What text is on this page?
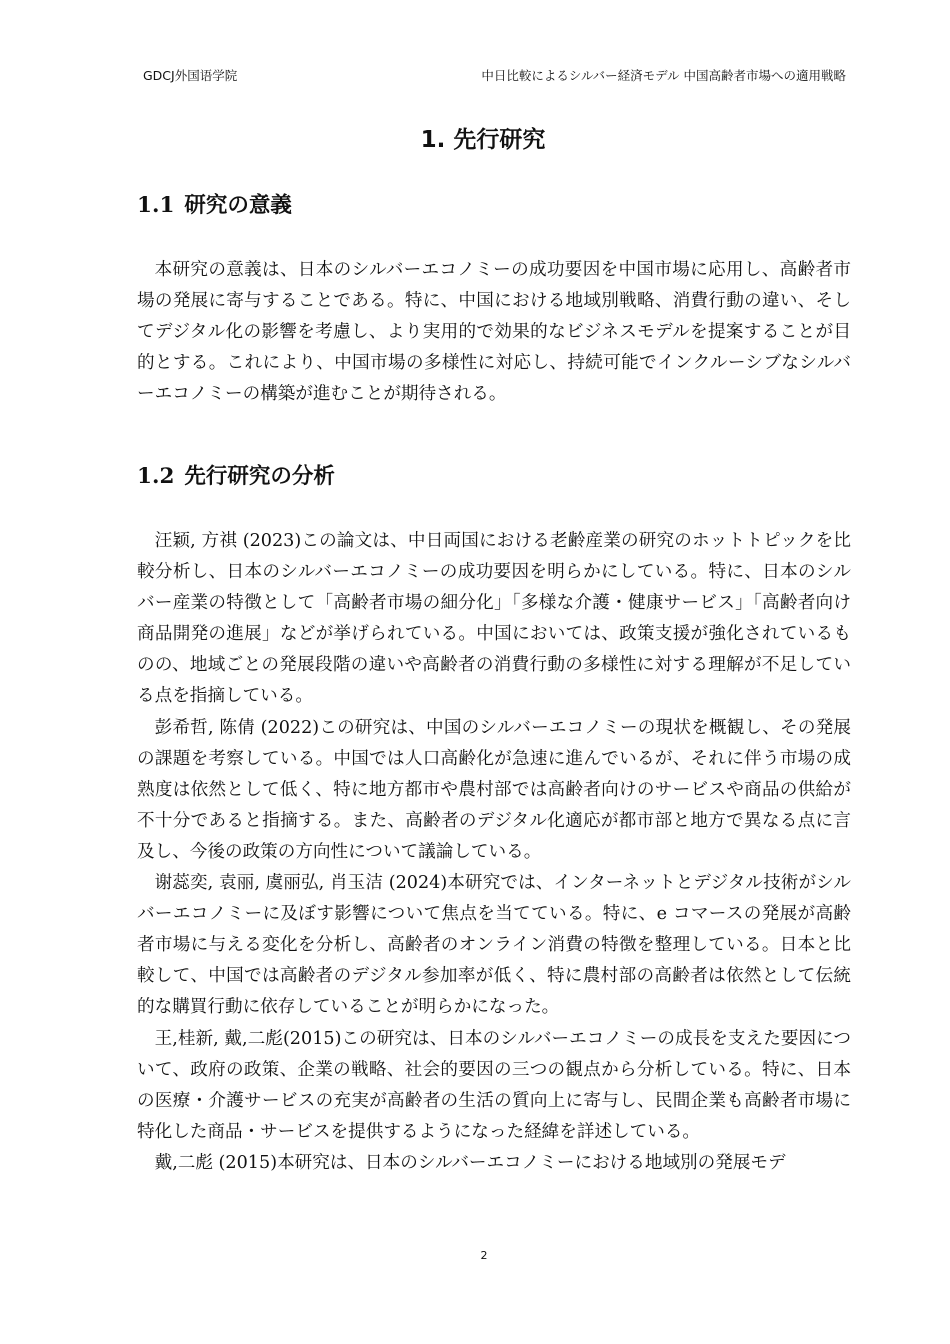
GDCJ外国语学院	中日比較によるシルバー経済モデル 中国高齢者市場への適用戦略
1. 先行研究
1.1 研究の意義

本研究の意義は、日本のシルバーエコノミーの成功要因を中国市場に応用し、高齢者市場の発展に寄与することである。特に、中国における地域別戦略、消費行動の違い、そしてデジタル化の影響を考慮し、より実用的で効果的なビジネスモデルを提案することが目的とする。これにより、中国市場の多様性に対応し、持続可能でインクルーシブなシルバーエコノミーの構築が進むことが期待される。

1.2 先行研究の分析

汪颖, 方祺 (2023)この論文は、中日両国における老齢産業の研究のホットトピックを比較分析し、日本のシルバーエコノミーの成功要因を明らかにしている。特に、日本のシルバー産業の特徴として「高齢者市場の細分化」「多様な介護・健康サービス」「高齢者向け商品開発の進展」などが挙げられている。中国においては、政策支援が強化されているものの、地域ごとの発展段階の違いや高齢者の消費行動の多様性に対する理解が不足している点を指摘している。

彭希哲, 陈倩 (2022)この研究は、中国のシルバーエコノミーの現状を概観し、その発展の課題を考察している。中国では人口高齢化が急速に進んでいるが、それに伴う市場の成熟度は依然として低く、特に地方都市や農村部では高齢者向けのサービスや商品の供給が不十分であると指摘する。また、高齢者のデジタル化適応が都市部と地方で異なる点に言及し、今後の政策の方向性について議論している。

谢蕊奕, 袁丽, 虞丽弘, 肖玉洁 (2024)本研究では、インターネットとデジタル技術がシルバーエコノミーに及ぼす影響について焦点を当てている。特に、e コマースの発展が高齢者市場に与える変化を分析し、高齢者のオンライン消費の特徴を整理している。日本と比較して、中国では高齢者のデジタル参加率が低く、特に農村部の高齢者は依然として伝統的な購買行動に依存していることが明らかになった。

王,桂新, 戴,二彪(2015)この研究は、日本のシルバーエコノミーの成長を支えた要因について、政府の政策、企業の戦略、社会的要因の三つの観点から分析している。特に、日本の医療・介護サービスの充実が高齢者の生活の質向上に寄与し、民間企業も高齢者市場に特化した商品・サービスを提供するようになった経緯を詳述している。

戴,二彪 (2015)本研究は、日本のシルバーエコノミーにおける地域別の発展モデ

2
